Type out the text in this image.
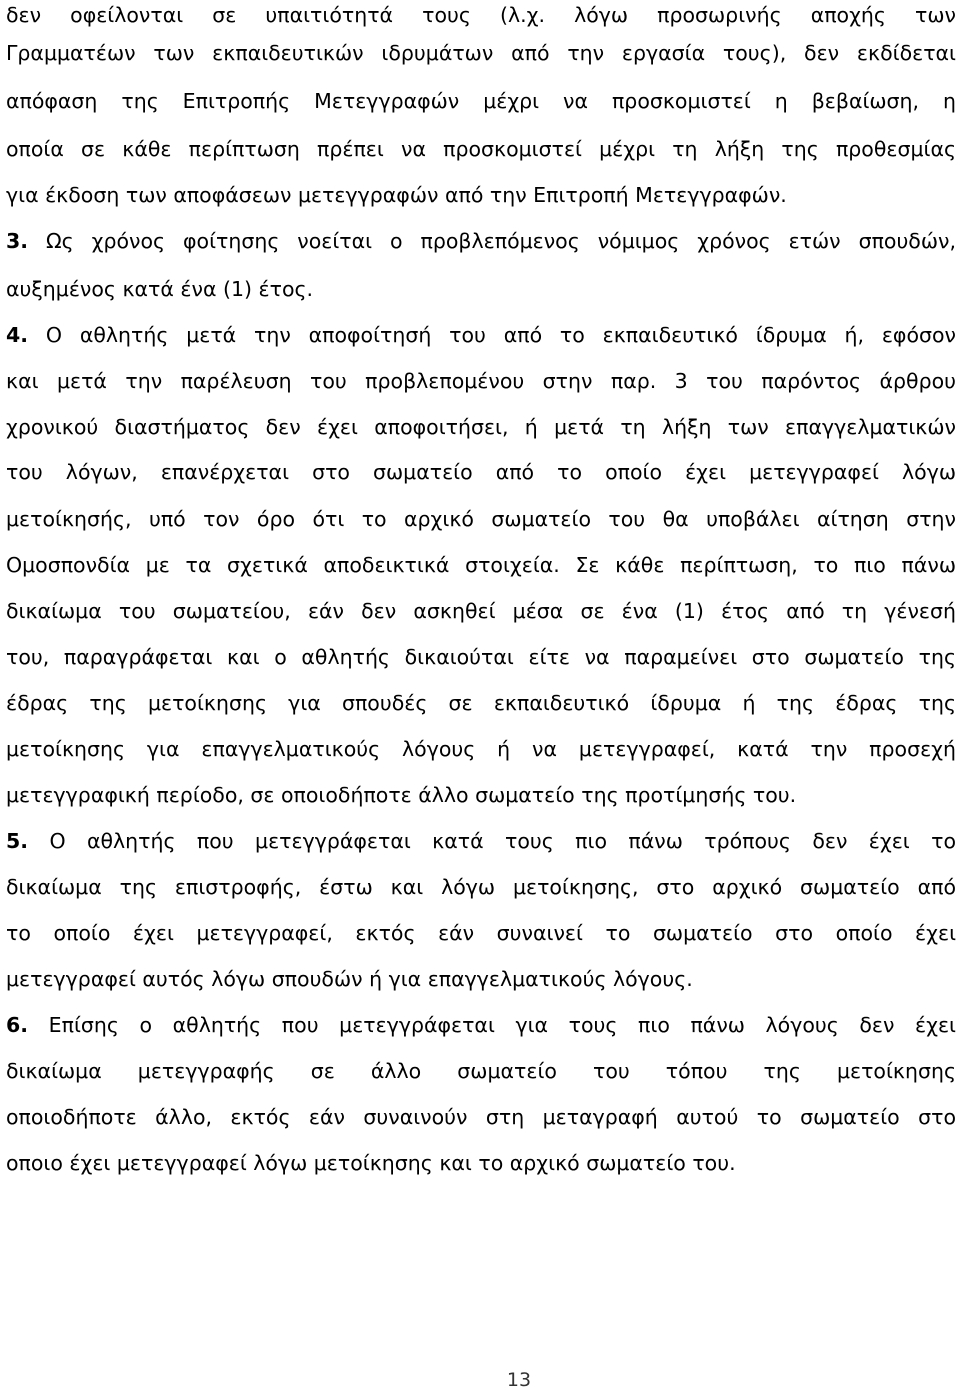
δεν οφείλονται σε υπαιτιότητά τους (λ.χ. λόγω προσωρινής αποχής των
Γραμματέων των εκπαιδευτικών ιδρυμάτων από την εργασία τους), δεν εκδίδεται
απόφαση της Επιτροπής Μετεγγραφών μέχρι να προσκομιστεί η βεβαίωση, η
οποία σε κάθε περίπτωση πρέπει να προσκομιστεί μέχρι τη λήξη της προθεσμίας
για έκδοση των αποφάσεων μετεγγραφών από την Επιτροπή Μετεγγραφών.
3. Ως χρόνος φοίτησης νοείται ο προβλεπόμενος νόμιμος χρόνος ετών σπουδών,
αυξημένος κατά ένα (1) έτος.
4. Ο αθλητής μετά την αποφοίτησή του από το εκπαιδευτικό ίδρυμα ή, εφόσον
και μετά την παρέλευση του προβλεπομένου στην παρ. 3 του παρόντος άρθρου
χρονικού διαστήματος δεν έχει αποφοιτήσει, ή μετά τη λήξη των επαγγελματικών
του λόγων, επανέρχεται στο σωματείο από το οποίο έχει μετεγγραφεί λόγω
μετοίκησής, υπό τον όρο ότι το αρχικό σωματείο του θα υποβάλει αίτηση στην
Ομοσπονδία με τα σχετικά αποδεικτικά στοιχεία. Σε κάθε περίπτωση, το πιο πάνω
δικαίωμα του σωματείου, εάν δεν ασκηθεί μέσα σε ένα (1) έτος από τη γένεσή
του, παραγράφεται και ο αθλητής δικαιούται είτε να παραμείνει στο σωματείο της
έδρας της μετοίκησης για σπουδές σε εκπαιδευτικό ίδρυμα ή της έδρας της
μετοίκησης για επαγγελματικούς λόγους ή να μετεγγραφεί, κατά την προσεχή
μετεγγραφική περίοδο, σε οποιοδήποτε άλλο σωματείο της προτίμησής του.
5. Ο αθλητής που μετεγγράφεται κατά τους πιο πάνω τρόπους δεν έχει το
δικαίωμα της επιστροφής, έστω και λόγω μετοίκησης, στο αρχικό σωματείο από
το οποίο έχει μετεγγραφεί, εκτός εάν συναινεί το σωματείο στο οποίο έχει
μετεγγραφεί αυτός λόγω σπουδών ή για επαγγελματικούς λόγους.
6. Επίσης ο αθλητής που μετεγγράφεται για τους πιο πάνω λόγους δεν έχει
δικαίωμα μετεγγραφής σε άλλο σωματείο του τόπου της μετοίκησης
οποιοδήποτε άλλο, εκτός εάν συναινούν στη μεταγραφή αυτού το σωματείο στο
οποιο έχει μετεγγραφεί λόγω μετοίκησης και το αρχικό σωματείο του.
13
